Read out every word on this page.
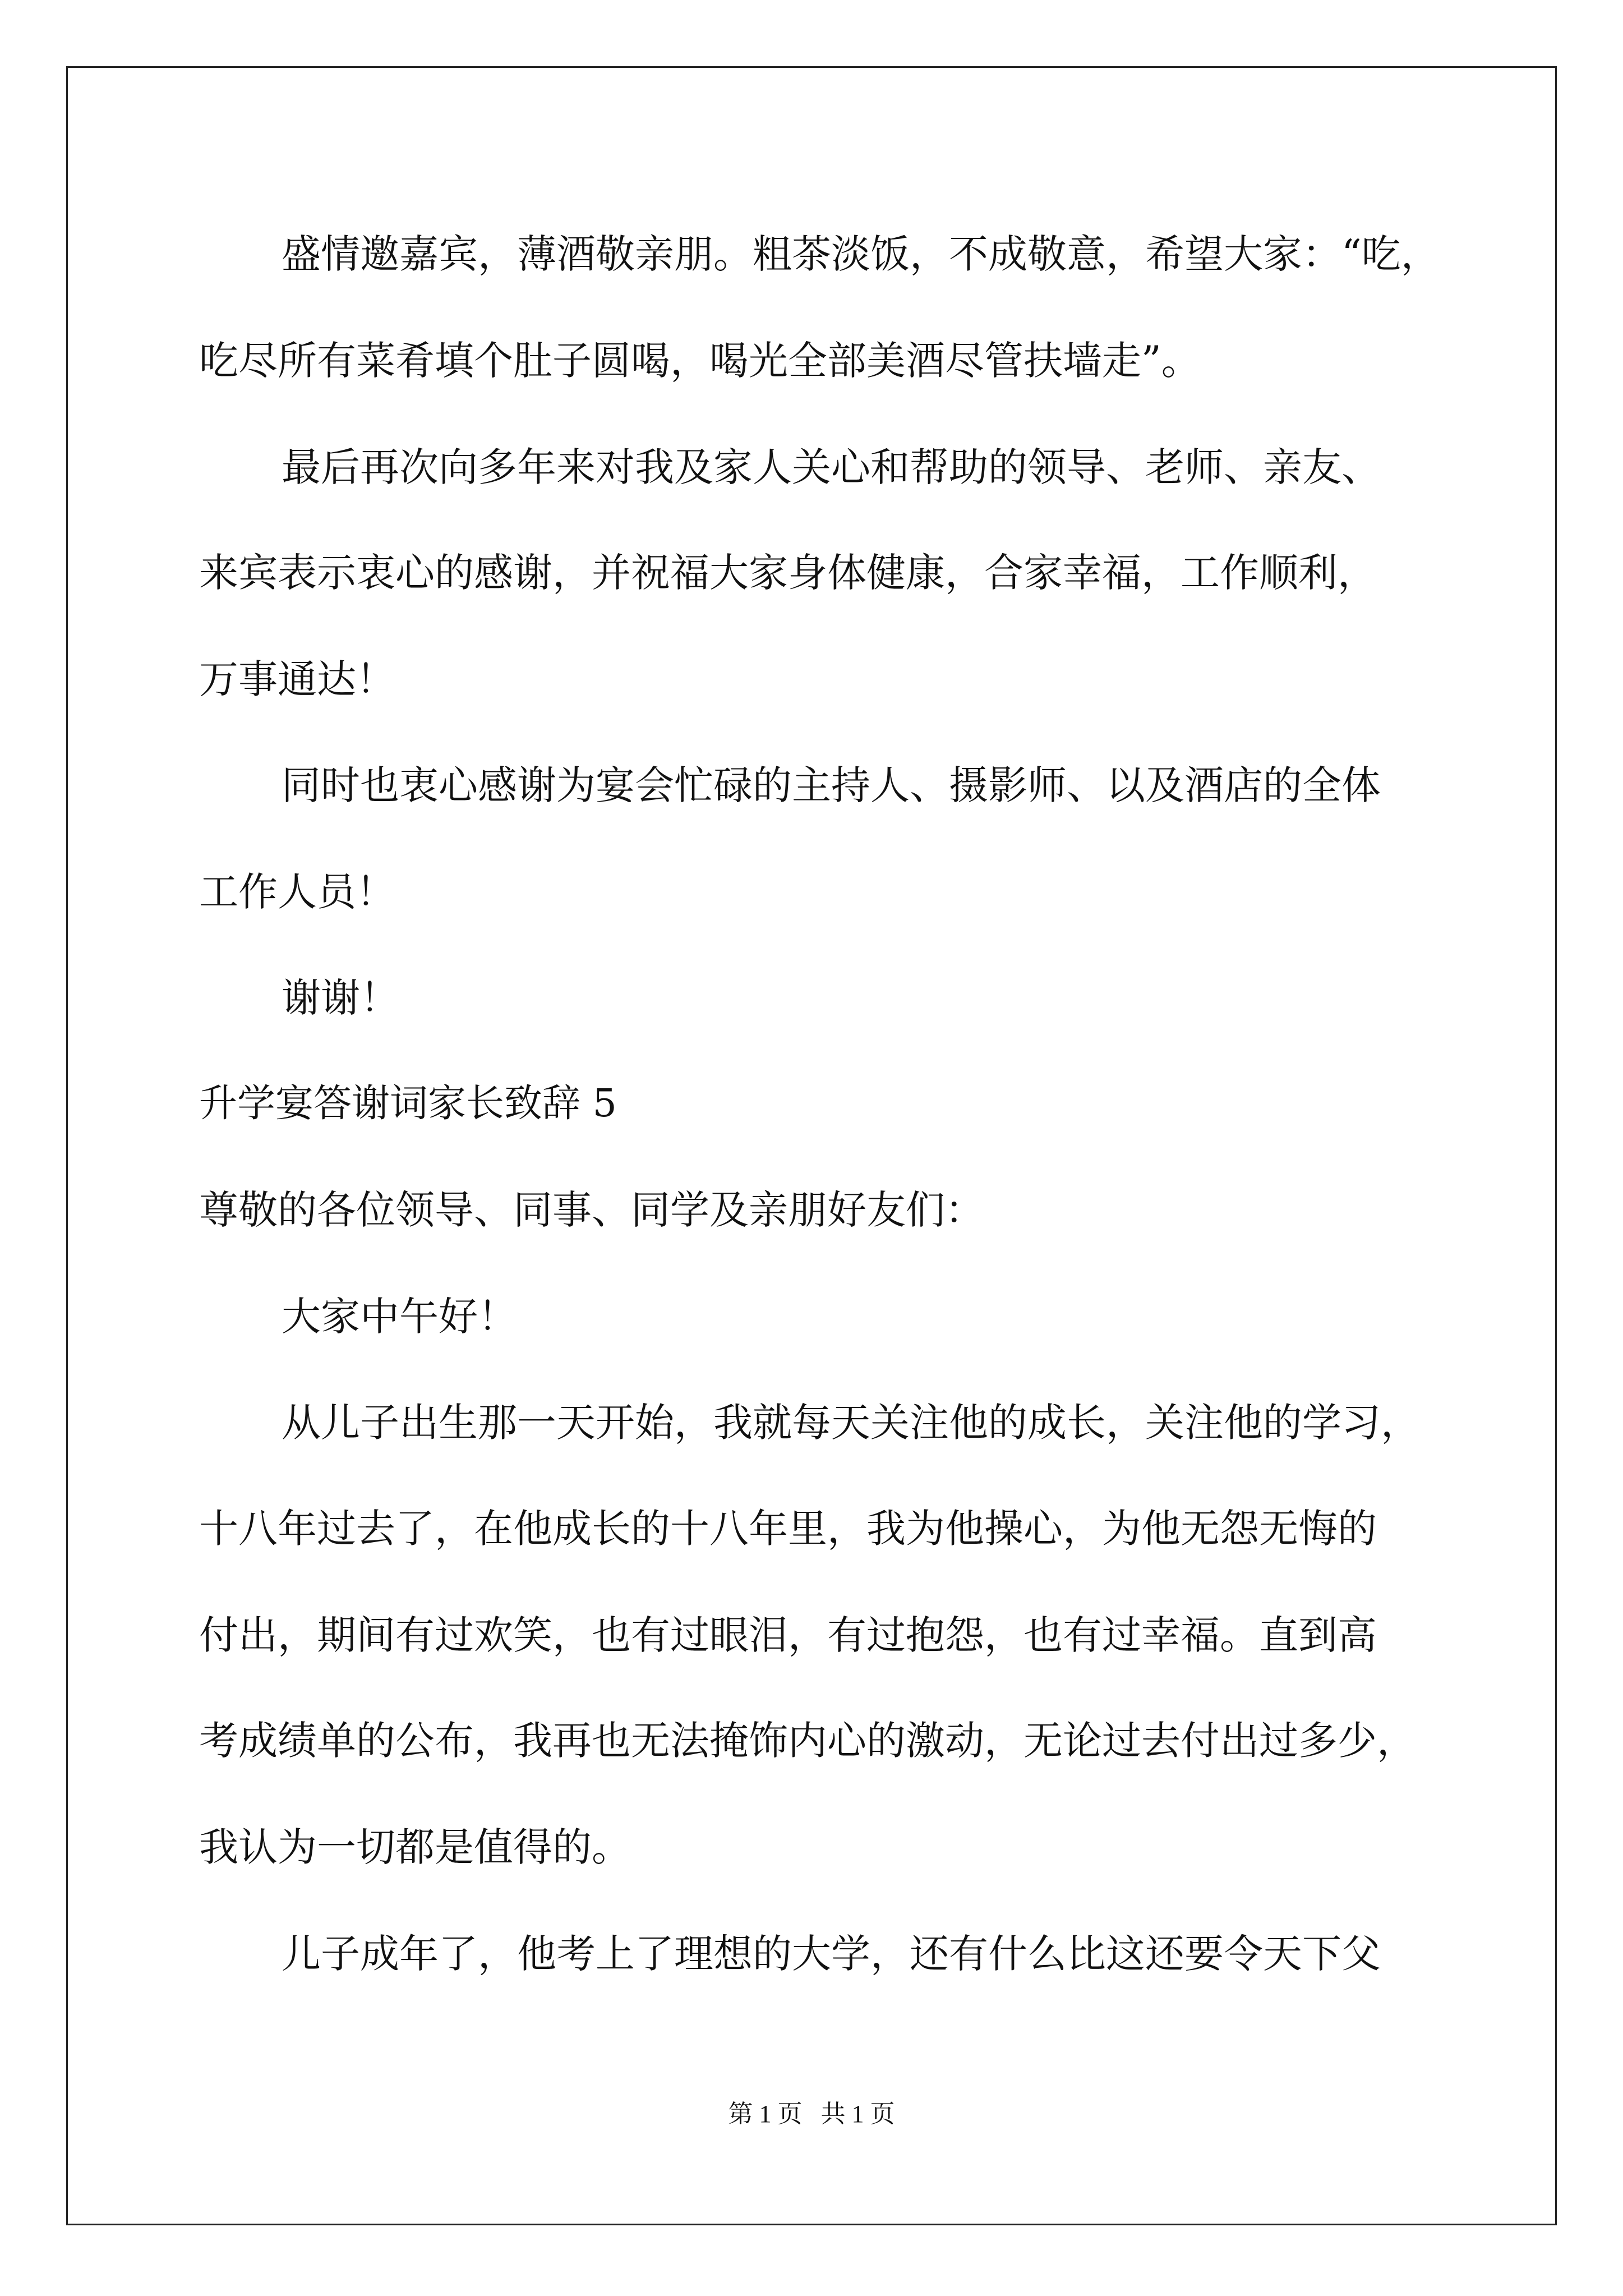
盛情邀嘉宾，薄酒敬亲朋。粗茶淡饭，不成敬意，希望大家：“吃，
吃尽所有菜肴填个肚子圆喝，喝光全部美酒尽管扶墙走”。
最后再次向多年来对我及家人关心和帮助的领导、老师、亲友、
来宾表示衷心的感谢，并祝福大家身体健康，合家幸福，工作顺利，
万事通达！
同时也衷心感谢为宴会忙碌的主持人、摄影师、以及酒店的全体
工作人员！
谢谢！
升学宴答谢词家长致辞 5
尊敬的各位领导、同事、同学及亲朋好友们：
大家中午好！
从儿子出生那一天开始，我就每天关注他的成长，关注他的学习，
十八年过去了，在他成长的十八年里，我为他操心，为他无怨无悔的
付出，期间有过欢笑，也有过眼泪，有过抱怨，也有过幸福。直到高
考成绩单的公布，我再也无法掩饰内心的激动，无论过去付出过多少，
我认为一切都是值得的。
儿子成年了，他考上了理想的大学，还有什么比这还要令天下父
第 1 页   共 1 页
